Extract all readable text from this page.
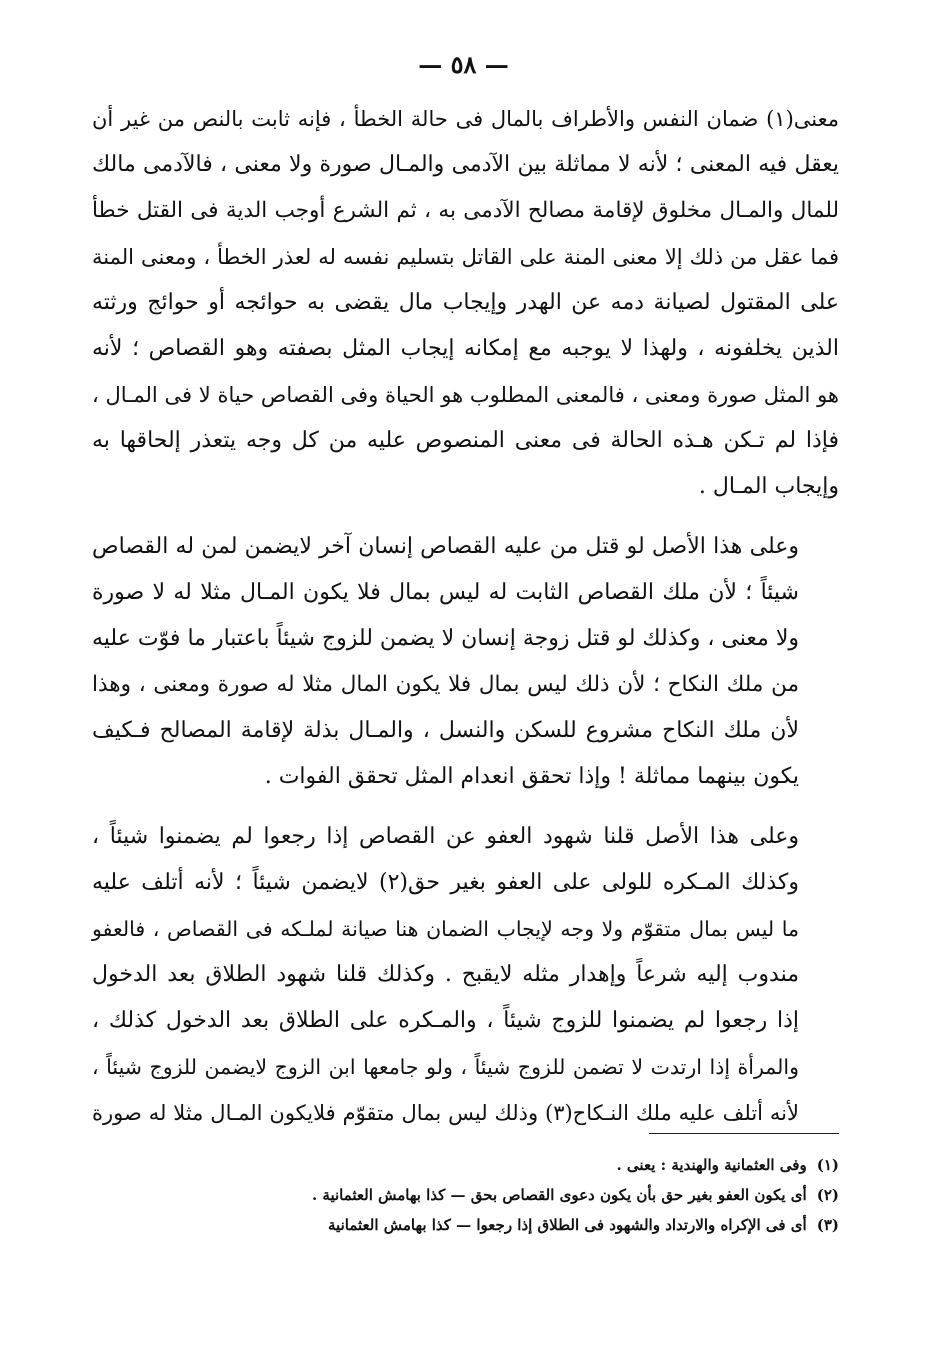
— ٥٨ —

معنى(١) ضمان النفس والأطراف بالمال فى حالة الخطأ ، فإنه ثابت بالنص من غير أن
يعقل فيه المعنى ؛ لأنه لا مماثلة بين الآدمى والمـال صورة ولا معنى ، فالآدمى مالك
للمال والمـال مخلوق لإقامة مصالح الآدمى به ، ثم الشرع أوجب الدية فى القتل خطأ
فما عقل من ذلك إلا معنى المنة على القاتل بتسليم نفسه له لعذر الخطأ ، ومعنى المنة
على المقتول لصيانة دمه عن الهدر وإيجاب مال يقضى به حوائجه أو حوائج ورثته
الذين يخلفونه ، ولهذا لا يوجبه مع إمكانه إيجاب المثل بصفته وهو القصاص ؛ لأنه
هو المثل صورة ومعنى ، فالمعنى المطلوب هو الحياة وفى القصاص حياة لا فى المـال ،
فإذا لم تـكن هـذه الحالة فى معنى المنصوص عليه من كل وجه يتعذر إلحاقها به
وإيجاب المـال .

وعلى هذا الأصل لو قتل من عليه القصاص إنسان آخر لايضمن لمن له القصاص
شيئاً ؛ لأن ملك القصاص الثابت له ليس بمال فلا يكون المـال مثلا له لا صورة
ولا معنى ، وكذلك لو قتل زوجة إنسان لا يضمن للزوج شيئاً باعتبار ما فوّت عليه
من ملك النكاح ؛ لأن ذلك ليس بمال فلا يكون المال مثلا له صورة ومعنى ، وهذا
لأن ملك النكاح مشروع للسكن والنسل ، والمـال بذلة لإقامة المصالح فـكيف
يكون بينهما مماثلة ! وإذا تحقق انعدام المثل تحقق الفوات .

وعلى هذا الأصل قلنا شهود العفو عن القصاص إذا رجعوا لم يضمنوا شيئاً ،
وكذلك المـكره للولى على العفو بغير حق(٢) لايضمن شيئاً ؛ لأنه أتلف عليه
ما ليس بمال متقوّم ولا وجه لإيجاب الضمان هنا صيانة لملـكه فى القصاص ، فالعفو
مندوب إليه شرعاً وإهدار مثله لايقبح . وكذلك قلنا شهود الطلاق بعد الدخول
إذا رجعوا لم يضمنوا للزوج شيئاً ، والمـكره على الطلاق بعد الدخول كذلك ،
والمرأة إذا ارتدت لا تضمن للزوج شيئاً ، ولو جامعها ابن الزوج لايضمن للزوج شيئاً ،
لأنه أتلف عليه ملك النـكاح(٣) وذلك ليس بمال متقوّم فلايكون المـال مثلا له صورة

(١)وفى العثمانية والهندية : يعنى .
(٢)أى يكون العفو بغير حق بأن يكون دعوى القصاص بحق — كذا بهامش العثمانية .
(٣)أى فى الإكراه والارتداد والشهود فى الطلاق إذا رجعوا — كذا بهامش العثمانية
